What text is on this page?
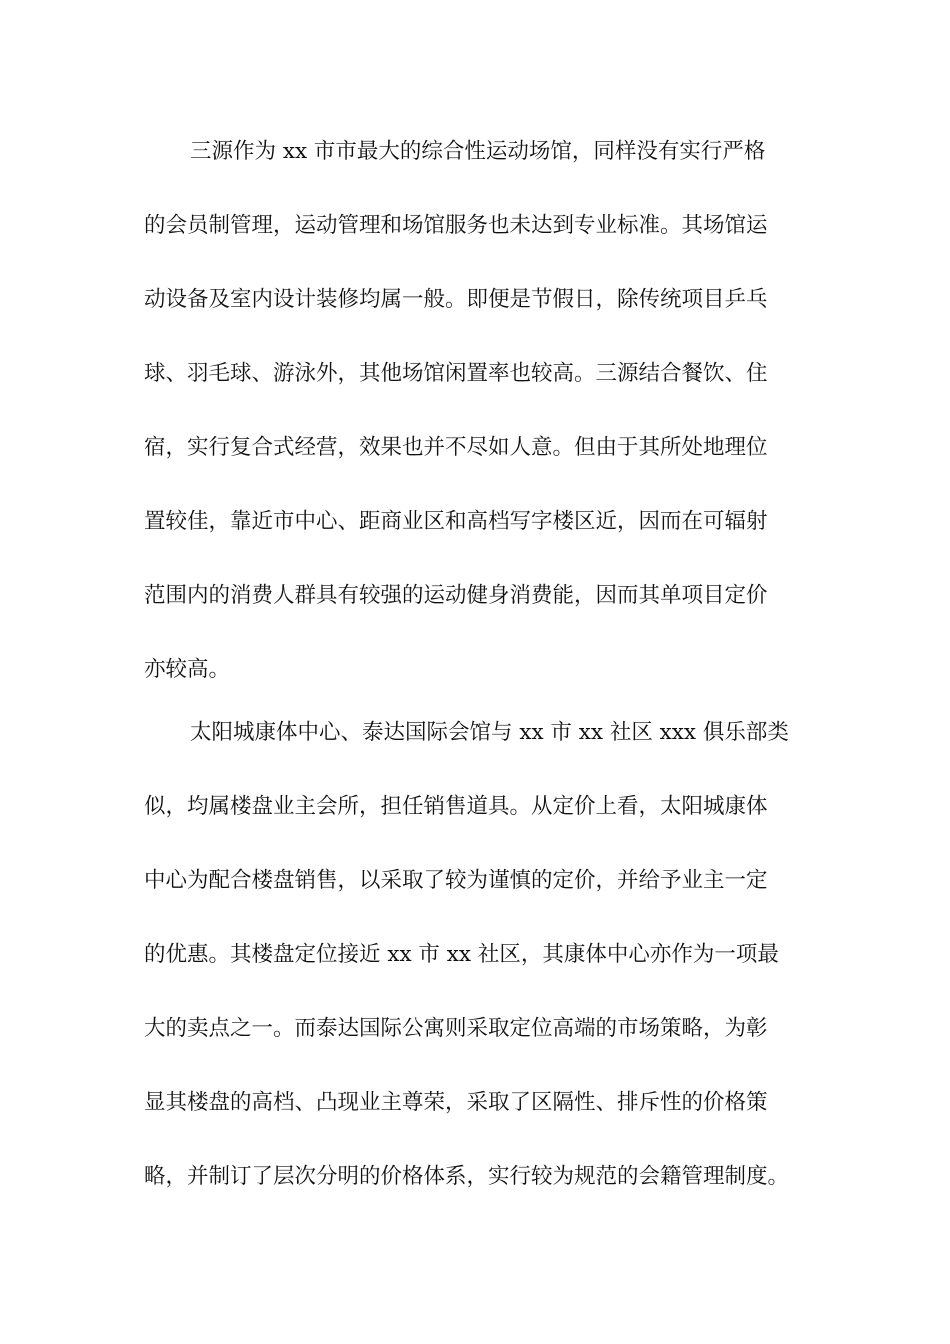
三源作为 xx 市市最大的综合性运动场馆，同样没有实行严格
的会员制管理，运动管理和场馆服务也未达到专业标准。其场馆运
动设备及室内设计装修均属一般。即便是节假日，除传统项目乒乓
球、羽毛球、游泳外，其他场馆闲置率也较高。三源结合餐饮、住
宿，实行复合式经营，效果也并不尽如人意。但由于其所处地理位
置较佳，靠近市中心、距商业区和高档写字楼区近，因而在可辐射
范围内的消费人群具有较强的运动健身消费能，因而其单项目定价
亦较高。
太阳城康体中心、泰达国际会馆与 xx 市 xx 社区 xxx 俱乐部类
似，均属楼盘业主会所，担任销售道具。从定价上看，太阳城康体
中心为配合楼盘销售，以采取了较为谨慎的定价，并给予业主一定
的优惠。其楼盘定位接近 xx 市 xx 社区，其康体中心亦作为一项最
大的卖点之一。而泰达国际公寓则采取定位高端的市场策略，为彰
显其楼盘的高档、凸现业主尊荣，采取了区隔性、排斥性的价格策
略，并制订了层次分明的价格体系，实行较为规范的会籍管理制度。
